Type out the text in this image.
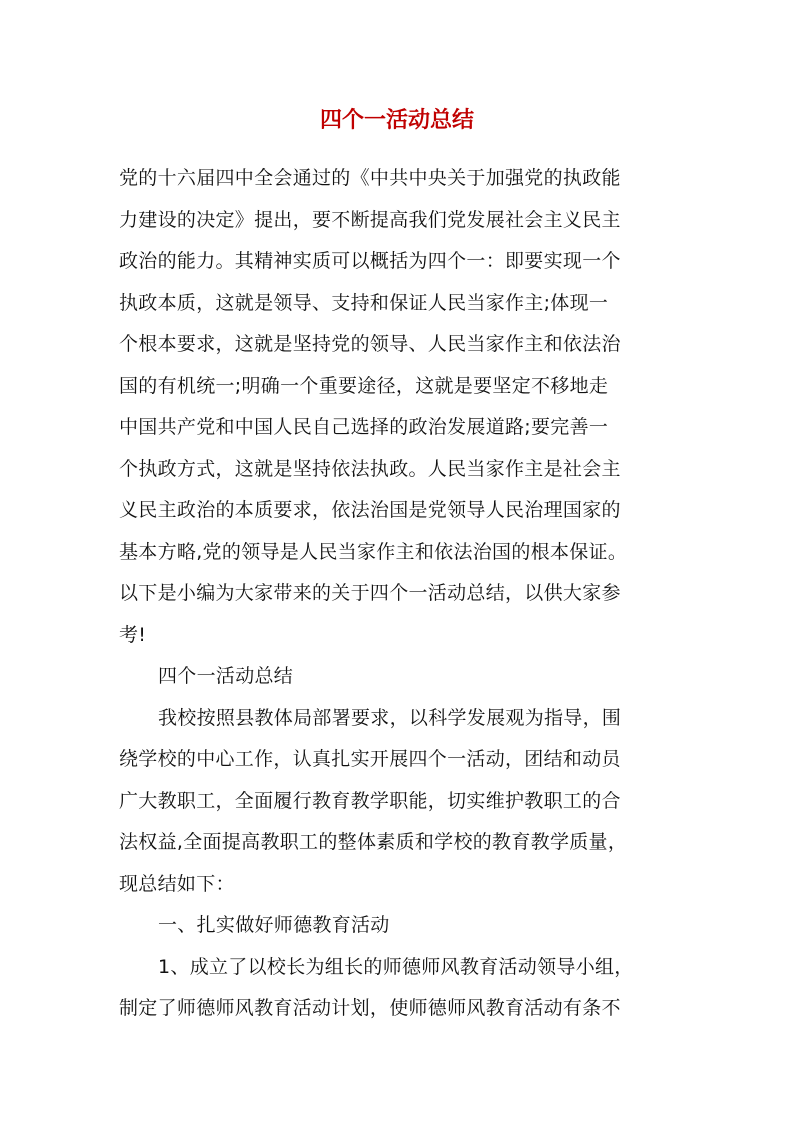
四个一活动总结
党的十六届四中全会通过的《中共中央关于加强党的执政能
力建设的决定》提出，要不断提高我们党发展社会主义民主
政治的能力。其精神实质可以概括为四个一：即要实现一个
执政本质，这就是领导、支持和保证人民当家作主;体现一
个根本要求，这就是坚持党的领导、人民当家作主和依法治
国的有机统一;明确一个重要途径，这就是要坚定不移地走
中国共产党和中国人民自己选择的政治发展道路;要完善一
个执政方式，这就是坚持依法执政。人民当家作主是社会主
义民主政治的本质要求，依法治国是党领导人民治理国家的
基本方略,党的领导是人民当家作主和依法治国的根本保证。
以下是小编为大家带来的关于四个一活动总结，以供大家参
考!
四个一活动总结
我校按照县教体局部署要求，以科学发展观为指导，围
绕学校的中心工作，认真扎实开展四个一活动，团结和动员
广大教职工，全面履行教育教学职能，切实维护教职工的合
法权益,全面提高教职工的整体素质和学校的教育教学质量，
现总结如下：
一、扎实做好师德教育活动
1、成立了以校长为组长的师德师风教育活动领导小组，
制定了师德师风教育活动计划，使师德师风教育活动有条不
